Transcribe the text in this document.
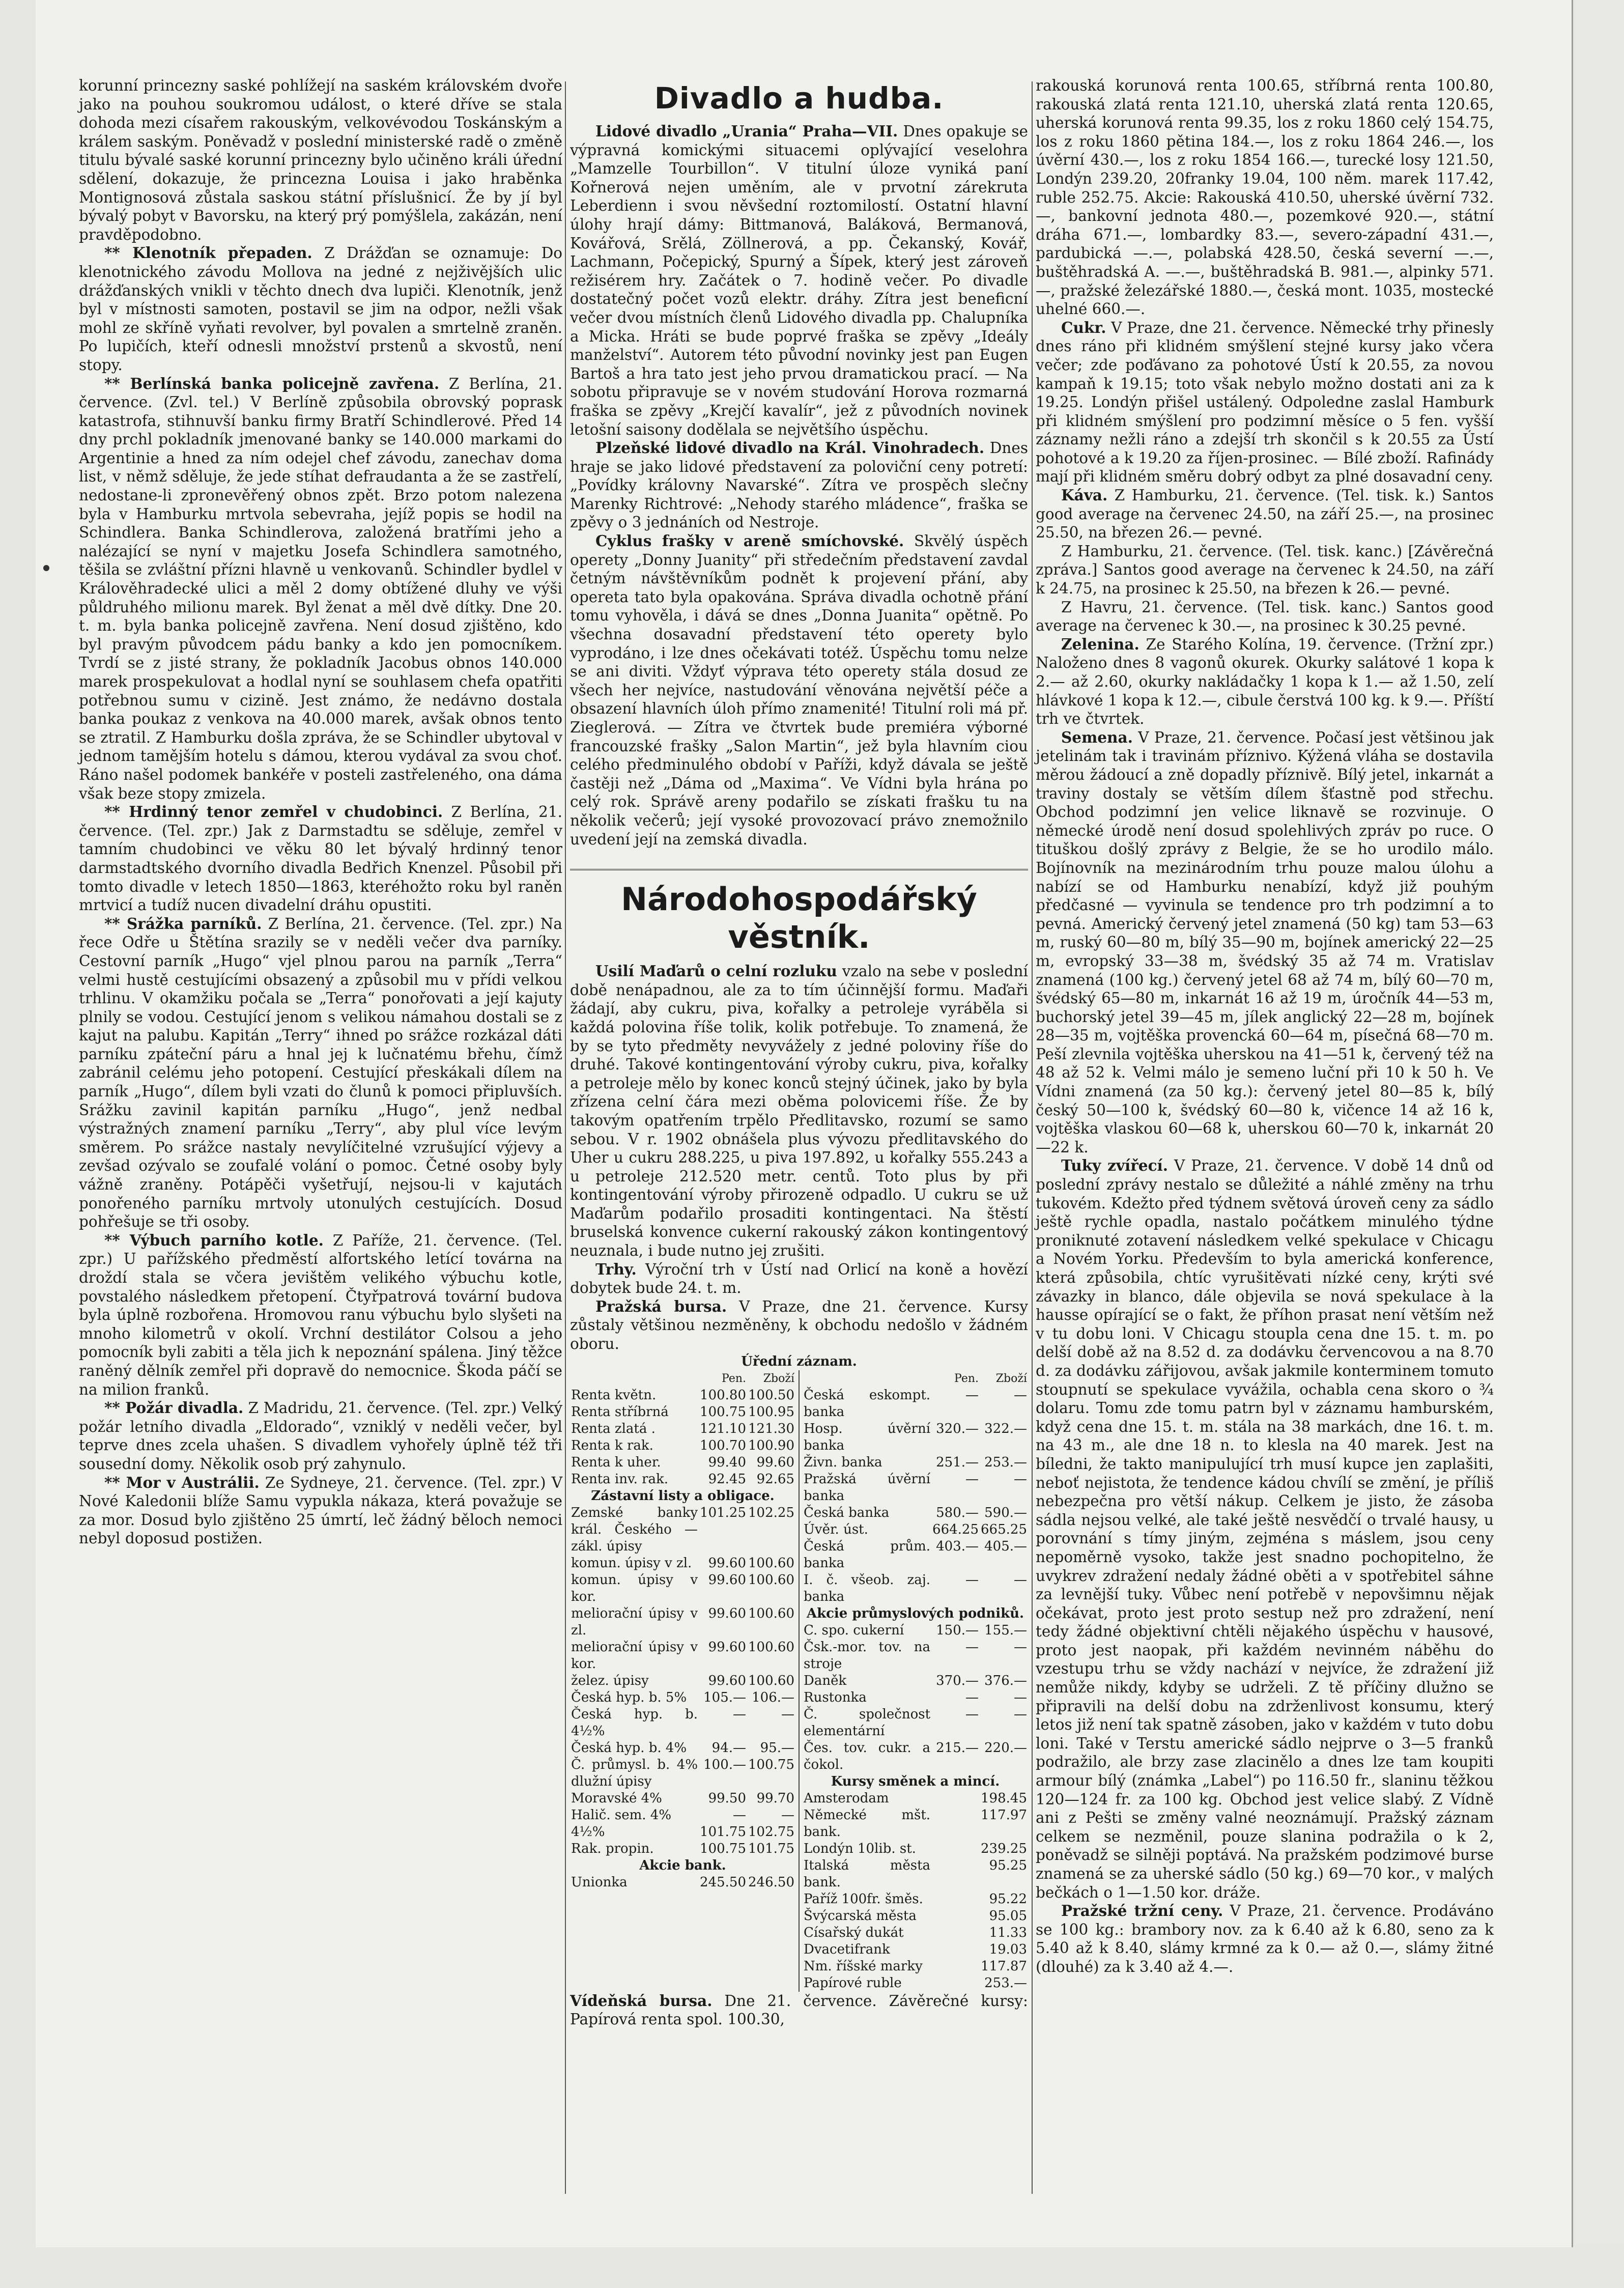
korunní princezny saské pohlížejí na saském královském dvoře jako na pouhou soukromou událost, o které dříve se stala dohoda mezi císařem rakouským, velkovévodou Toskánským a králem saským. Poněvadž v poslední ministerské radě o změně titulu bývalé saské korunní princezny bylo učiněno králi úřední sdělení, dokazuje, že princezna Louisa i jako hraběnka Montignosová zůstala saskou státní příslušnicí. Že by jí byl bývalý pobyt v Bavorsku, na který prý pomýšlela, zakázán, není pravděpodobno.

** Klenotník přepaden. Z Drážďan se oznamuje: Do klenotnického závodu Mollova na jedné z nejživějších ulic drážďanských vnikli v těchto dnech dva lupiči. Klenotník, jenž byl v místnosti samoten, postavil se jim na odpor, nežli však mohl ze skříně vyňati revolver, byl povalen a smrtelně zraněn. Po lupičích, kteří odnesli množství prstenů a skvostů, není stopy.

** Berlínská banka policejně zavřena. Z Berlína, 21. července. (Zvl. tel.) V Berlíně způsobila obrovský poprask katastrofa, stihnuvší banku firmy Bratří Schindlerové. Před 14 dny prchl pokladník jmenované banky se 140.000 markami do Argentinie a hned za ním odejel chef závodu, zanechav doma list, v němž sděluje, že jede stíhat defraudanta a že se zastřelí, nedostane-li zpronevěřený obnos zpět. Brzo potom nalezena byla v Hamburku mrtvola sebevraha, jejíž popis se hodil na Schindlera. Banka Schindlerova, založená bratřími jeho a nalézající se nyní v majetku Josefa Schindlera samotného, těšila se zvláštní přízni hlavně u venkovanů. Schindler bydlel v Králověhradecké ulici a měl 2 domy obtížené dluhy ve výši půldruhého milionu marek. Byl ženat a měl dvě dítky. Dne 20. t. m. byla banka policejně zavřena. Není dosud zjištěno, kdo byl pravým původcem pádu banky a kdo jen pomocníkem. Tvrdí se z jisté strany, že pokladník Jacobus obnos 140.000 marek prospekulovat a hodlal nyní se souhlasem chefa opatřiti potřebnou sumu v cizině. Jest známo, že nedávno dostala banka poukaz z venkova na 40.000 marek, avšak obnos tento se ztratil. Z Hamburku došla zpráva, že se Schindler ubytoval v jednom tamějším hotelu s dámou, kterou vydával za svou choť. Ráno našel podomek bankéře v posteli zastřeleného, ona dáma však beze stopy zmizela.

** Hrdinný tenor zemřel v chudobinci. Z Berlína, 21. července. (Tel. zpr.) Jak z Darmstadtu se sděluje, zemřel v tamním chudobinci ve věku 80 let bývalý hrdinný tenor darmstadtského dvorního divadla Bedřich Knenzel. Působil při tomto divadle v letech 1850—1863, kteréhožto roku byl raněn mrtvicí a tudíž nucen divadelní dráhu opustiti.

** Srážka parníků. Z Berlína, 21. července. (Tel. zpr.) Na řece Odře u Štětína srazily se v neděli večer dva parníky. Cestovní parník „Hugo“ vjel plnou parou na parník „Terra“ velmi hustě cestujícími obsazený a způsobil mu v přídi velkou trhlinu. V okamžiku počala se „Terra“ ponořovati a její kajuty plnily se vodou. Cestující jenom s velikou námahou dostali se z kajut na palubu. Kapitán „Terry“ ihned po srážce rozkázal dáti parníku zpáteční páru a hnal jej k lučnatému břehu, čímž zabránil celému jeho potopení. Cestující přeskákali dílem na parník „Hugo“, dílem byli vzati do člunů k pomoci připluvších. Srážku zavinil kapitán parníku „Hugo“, jenž nedbal výstražných znamení parníku „Terry“, aby plul více levým směrem. Po srážce nastaly nevylíčitelné vzrušující výjevy a zevšad ozývalo se zoufalé volání o pomoc. Četné osoby byly vážně zraněny. Potápěči vyšetřují, nejsou-li v kajutách ponořeného parníku mrtvoly utonulých cestujících. Dosud pohřešuje se tři osoby.

** Výbuch parního kotle. Z Paříže, 21. července. (Tel. zpr.) U pařížského předměstí alfortského letící továrna na droždí stala se včera jevištěm velikého výbuchu kotle, povstalého následkem přetopení. Čtyřpatrová tovární budova byla úplně rozbořena. Hromovou ranu výbuchu bylo slyšeti na mnoho kilometrů v okolí. Vrchní destilátor Colsou a jeho pomocník byli zabiti a těla jich k nepoznání spálena. Jiný těžce raněný dělník zemřel při dopravě do nemocnice. Škoda páčí se na milion franků.

** Požár divadla. Z Madridu, 21. července. (Tel. zpr.) Velký požár letního divadla „Eldorado“, vzniklý v neděli večer, byl teprve dnes zcela uhašen. S divadlem vyhořely úplně též tři sousední domy. Několik osob prý zahynulo.

** Mor v Austrálii. Ze Sydneye, 21. července. (Tel. zpr.) V Nové Kaledonii blíže Samu vypukla nákaza, která považuje se za mor. Dosud bylo zjištěno 25 úmrtí, leč žádný běloch nemoci nebyl doposud postižen.

Divadlo a hudba.

Lidové divadlo „Urania“ Praha—VII. Dnes opakuje se výpravná komickými situacemi oplývající veselohra „Mamzelle Tourbillon“. V titulní úloze vyniká paní Kořnerová nejen uměním, ale v prvotní zárekruta Leberdienn i svou něvšední roztomilostí. Ostatní hlavní úlohy hrají dámy: Bittmanová, Baláková, Bermanová, Kovářová, Srělá, Zöllnerová, a pp. Čekanský, Kovář, Lachmann, Počepický, Spurný a Šípek, který jest zároveň režisérem hry. Začátek o 7. hodině večer. Po divadle dostatečný počet vozů elektr. dráhy. Zítra jest beneficní večer dvou místních členů Lidového divadla pp. Chalupníka a Micka. Hráti se bude poprvé fraška se zpěvy „Ideály manželství“. Autorem této původní novinky jest pan Eugen Bartoš a hra tato jest jeho prvou dramatickou prací. — Na sobotu připravuje se v novém studování Horova rozmarná fraška se zpěvy „Krejčí kavalír“, jež z původních novinek letošní saisony dodělala se největšího úspěchu.

Plzeňské lidové divadlo na Král. Vinohradech. Dnes hraje se jako lidové představení za poloviční ceny potretí: „Povídky královny Navarské“. Zítra ve prospěch slečny Marenky Richtrové: „Nehody starého mládence“, fraška se zpěvy o 3 jednáních od Nestroje.

Cyklus frašky v areně smíchovské. Skvělý úspěch operety „Donny Juanity“ při středečním představení zavdal četným návštěvníkům podnět k projevení přání, aby opereta tato byla opakována. Správa divadla ochotně přání tomu vyhověla, i dává se dnes „Donna Juanita“ opětně. Po všechna dosavadní představení této operety bylo vyprodáno, i lze dnes očekávati totéž. Úspěchu tomu nelze se ani diviti. Vždyť výprava této operety stála dosud ze všech her nejvíce, nastudování věnována největší péče a obsazení hlavních úloh přímo znamenité! Titulní roli má př. Zieglerová. — Zítra ve čtvrtek bude premiéra výborné francouzské frašky „Salon Martin“, jež byla hlavním ciou celého předminulého období v Paříži, když dávala se ještě častěji než „Dáma od „Maxima“. Ve Vídni byla hrána po celý rok. Správě areny podařilo se získati frašku tu na několik večerů; její vysoké provozovací právo znemožnilo uvedení její na zemská divadla.

Národohospodářský věstník.

Usilí Maďarů o celní rozluku vzalo na sebe v poslední době nenápadnou, ale za to tím účinnější formu. Maďaři žádají, aby cukru, piva, kořalky a petroleje vyráběla si každá polovina říše tolik, kolik potřebuje. To znamená, že by se tyto předměty nevyvážely z jedné poloviny říše do druhé. Takové kontingentování výroby cukru, piva, kořalky a petroleje mělo by konec konců stejný účinek, jako by byla zřízena celní čára mezi oběma polovicemi říše. Že by takovým opatřením trpělo Předlitavsko, rozumí se samo sebou. V r. 1902 obnášela plus vývozu předlitavského do Uher u cukru 288.225, u piva 197.892, u kořalky 555.243 a u petroleje 212.520 metr. centů. Toto plus by při kontingentování výroby přirozeně odpadlo. U cukru se už Maďarům podařilo prosaditi kontingentaci. Na štěstí bruselská konvence cukerní rakouský zákon kontingentový neuznala, i bude nutno jej zrušiti.

Trhy. Výroční trh v Ústí nad Orlicí na koně a hovězí dobytek bude 24. t. m.

Pražská bursa. V Praze, dne 21. července. Kursy zůstaly většinou nezměněny, k obchodu nedošlo v žádném oboru.

Úřední záznam.
	Pen.	Zboží
Renta květn.	100.80	100.50
Renta stříbrná	100.75	100.95
Renta zlatá .	121.10	121.30
Renta k rak.	100.70	100.90
Renta k uher.	99.40	99.60
Renta inv. rak.	92.45	92.65
Zástavní listy a obligace.		
Zemské banky král. Českého — zákl. úpisy	101.25	102.25
komun. úpisy v zl.	99.60	100.60
komun. úpisy v kor.	99.60	100.60
meliorační úpisy v zl.	99.60	100.60
meliorační úpisy v kor.	99.60	100.60
želez. úpisy	99.60	100.60
Česká hyp. b. 5%	105.—	106.—
Česká hyp. b. 4½%	—	—
Česká hyp. b. 4%	94.—	95.—
Č. průmysl. b. 4% dlužní úpisy	100.—	100.75
Moravské 4%	99.50	99.70
Halič. sem. 4%	—	—
4½%	101.75	102.75
Rak. propin.	100.75	101.75
Akcie bank.		
Unionka	245.50	246.50
	Pen.	Zboží
Česká eskompt. banka	—	—
Hosp. úvěrní banka	320.—	322.—
Živn. banka	251.—	253.—
Pražská úvěrní banka	—	—
Česká banka	580.—	590.—
Úvěr. úst.	664.25	665.25
Česká prům. banka	403.—	405.—
I. č. všeob. zaj. banka	—	—
Akcie průmyslových podniků.		
C. spo. cukerní	150.—	155.—
Čsk.-mor. tov. na stroje	—	—
Daněk	370.—	376.—
Rustonka	—	—
Č. společnost elementární	—	—
Čes. tov. cukr. a čokol.	215.—	220.—
Kursy směnek a mincí.		
Amsterodam		198.45
Německé mšt. bank.		117.97
Londýn 10lib. st.		239.25
Italská města bank.		95.25
Paříž 100fr. šměs.		95.22
Švýcarská města		95.05
Císařský dukát		11.33
Dvacetifrank		19.03
Nm. říšské marky		117.87
Papírové ruble		253.—

Vídeňská bursa. Dne 21. července. Závěrečné kursy: Papírová renta spol. 100.30,

rakouská korunová renta 100.65, stříbrná renta 100.80, rakouská zlatá renta 121.10, uherská zlatá renta 120.65, uherská korunová renta 99.35, los z roku 1860 celý 154.75, los z roku 1860 pětina 184.—, los z roku 1864 246.—, los úvěrní 430.—, los z roku 1854 166.—, turecké losy 121.50, Londýn 239.20, 20franky 19.04, 100 něm. marek 117.42, ruble 252.75. Akcie: Rakouská 410.50, uherské úvěrní 732.—, bankovní jednota 480.—, pozemkové 920.—, státní dráha 671.—, lombardky 83.—, severo-západní 431.—, pardubická —.—, polabská 428.50, česká severní —.—, buštěhradská A. —.—, buštěhradská B. 981.—, alpinky 571.—, pražské železářské 1880.—, česká mont. 1035, mostecké uhelné 660.—.

Cukr. V Praze, dne 21. července. Německé trhy přinesly dnes ráno při klidném smýšlení stejné kursy jako včera večer; zde poďávano za pohotové Ústí k 20.55, za novou kampaň k 19.15; toto však nebylo možno dostati ani za k 19.25. Londýn přišel ustálený. Odpoledne zaslal Hamburk při klidném smýšlení pro podzimní měsíce o 5 fen. vyšší záznamy nežli ráno a zdejší trh skončil s k 20.55 za Ústí pohotové a k 19.20 za říjen-prosinec. — Bílé zboží. Rafinády mají při klidném směru dobrý odbyt za plné dosavadní ceny.

Káva. Z Hamburku, 21. července. (Tel. tisk. k.) Santos good average na červenec 24.50, na září 25.—, na prosinec 25.50, na březen 26.— pevné.

Z Hamburku, 21. července. (Tel. tisk. kanc.) [Závěrečná zpráva.] Santos good average na červenec k 24.50, na září k 24.75, na prosinec k 25.50, na březen k 26.— pevné.

Z Havru, 21. července. (Tel. tisk. kanc.) Santos good average na červenec k 30.—, na prosinec k 30.25 pevné.

Zelenina. Ze Starého Kolína, 19. července. (Tržní zpr.) Naloženo dnes 8 vagonů okurek. Okurky salátové 1 kopa k 2.— až 2.60, okurky nakládačky 1 kopa k 1.— až 1.50, zelí hlávkové 1 kopa k 12.—, cibule čerstvá 100 kg. k 9.—. Příští trh ve čtvrtek.

Semena. V Praze, 21. července. Počasí jest většinou jak jetelinám tak i travinám příznivo. Kýžená vláha se dostavila měrou žádoucí a zně dopadly příznivě. Bílý jetel, inkarnát a traviny dostaly se větším dílem šťastně pod střechu. Obchod podzimní jen velice liknavě se rozvinuje. O německé úrodě není dosud spolehlivých zpráv po ruce. O tituškou došlý zprávy z Belgie, že se ho urodilo málo. Bojínovník na mezinárodním trhu pouze malou úlohu a nabízí se od Hamburku nenabízí, když již pouhým předčasné — vyvinula se tendence pro trh podzimní a to pevná. Americký červený jetel znamená (50 kg) tam 53—63 m, ruský 60—80 m, bílý 35—90 m, bojínek americký 22—25 m, evropský 33—38 m, švédský 35 až 74 m. Vratislav znamená (100 kg.) červený jetel 68 až 74 m, bílý 60—70 m, švédský 65—80 m, inkarnát 16 až 19 m, úročník 44—53 m, buchorský jetel 39—45 m, jílek anglický 22—28 m, bojínek 28—35 m, vojtěška provencká 60—64 m, písečná 68—70 m. Peší zlevnila vojtěška uherskou na 41—51 k, červený též na 48 až 52 k. Velmi málo je semeno luční při 10 k 50 h. Ve Vídni znamená (za 50 kg.): červený jetel 80—85 k, bílý český 50—100 k, švédský 60—80 k, vičence 14 až 16 k, vojtěška vlaskou 60—68 k, uherskou 60—70 k, inkarnát 20—22 k.

Tuky zvířecí. V Praze, 21. července. V době 14 dnů od poslední zprávy nestalo se důležité a náhlé změny na trhu tukovém. Kdežto před týdnem světová úroveň ceny za sádlo ještě rychle opadla, nastalo počátkem minulého týdne proniknuté zotavení následkem velké spekulace v Chicagu a Novém Yorku. Především to byla americká konference, která způsobila, chtíc vyrušitěvati nízké ceny, krýti své závazky in blanco, dále objevila se nová spekulace à la hausse opírající se o fakt, že příhon prasat není větším než v tu dobu loni. V Chicagu stoupla cena dne 15. t. m. po delší době až na 8.52 d. za dodávku červencovou a na 8.70 d. za dodávku zářijovou, avšak jakmile konterminem tomuto stoupnutí se spekulace vyvážila, ochabla cena skoro o ¾ dolaru. Tomu zde tomu patrn byl v záznamu hamburském, když cena dne 15. t. m. stála na 38 markách, dne 16. t. m. na 43 m., ale dne 18 n. to klesla na 40 marek. Jest na bíledni, že takto manipulující trh musí kupce jen zaplašiti, neboť nejistota, že tendence kádou chvílí se změní, je příliš nebezpečna pro větší nákup. Celkem je jisto, že zásoba sádla nejsou velké, ale také ještě nesvědčí o trvalé hausy, u porovnání s tímy jiným, zejména s máslem, jsou ceny nepoměrně vysoko, takže jest snadno pochopitelno, že uvykrev zdražení nedaly žádné oběti a v spotřebitel sáhne za levnější tuky. Vůbec není potřebě v nepovšimnu nějak očekávat, proto jest proto sestup než pro zdražení, není tedy žádné objektivní chtěli nějakého úspěchu v hausové, proto jest naopak, při každém nevinném náběhu do vzestupu trhu se vždy nachází v nejvíce, že zdražení již nemůže nikdy, kdyby se udrželi. Z tě příčiny dlužno se připravili na delší dobu na zdrženlivost konsumu, který letos již není tak spatně zásoben, jako v každém v tuto dobu loni. Také v Terstu americké sádlo nejprve o 3—5 franků podražilo, ale brzy zase zlacinělo a dnes lze tam koupiti armour bílý (známka „Label“) po 116.50 fr., slaninu těžkou 120—124 fr. za 100 kg. Obchod jest velice slabý. Z Vídně ani z Pešti se změny valné neoznámují. Pražský záznam celkem se nezměnil, pouze slanina podražila o k 2, poněvadž se silněji poptává. Na pražském podzimové burse znamená se za uherské sádlo (50 kg.) 69—70 kor., v malých bečkách o 1—1.50 kor. dráže.

Pražské tržní ceny. V Praze, 21. července. Prodáváno se 100 kg.: brambory nov. za k 6.40 až k 6.80, seno za k 5.40 až k 8.40, slámy krmné za k 0.— až 0.—, slámy žitné (dlouhé) za k 3.40 až 4.—.
